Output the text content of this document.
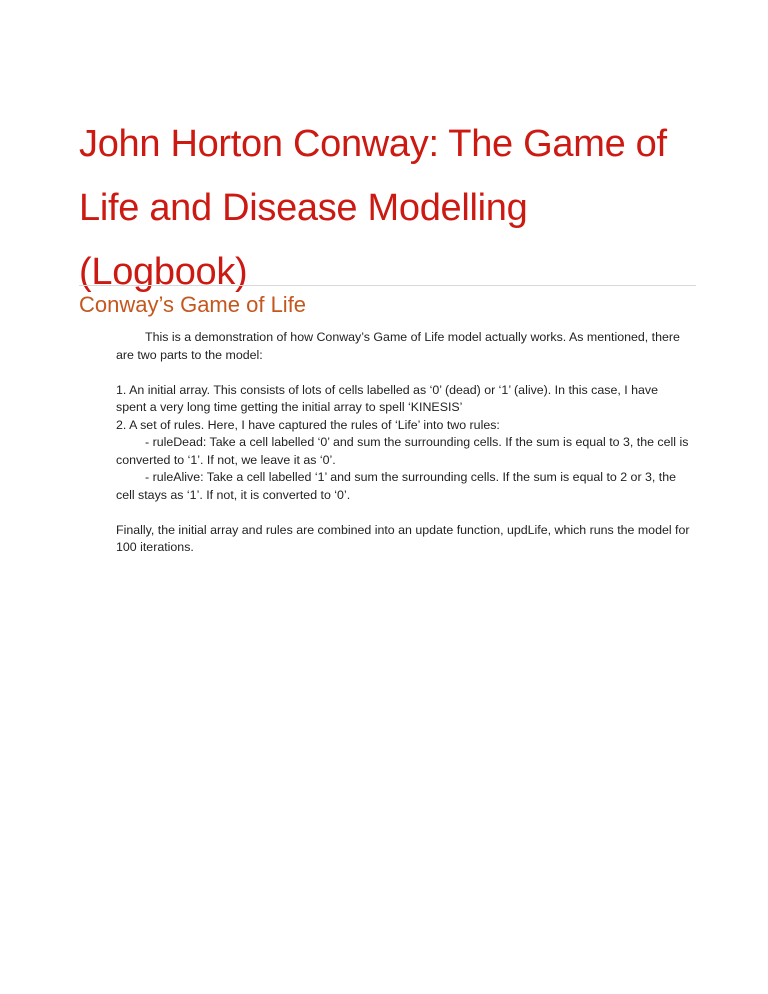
John Horton Conway: The Game of Life and Disease Modelling (Logbook)
Conway’s Game of Life

This is a demonstration of how Conway’s Game of Life model actually works. As mentioned, there are two parts to the model:

1. An initial array. This consists of lots of cells labelled as ‘0’ (dead) or ‘1’ (alive). In this case, I have spent a very long time getting the initial array to spell ‘KINESIS’

2. A set of rules. Here, I have captured the rules of ‘Life’ into two rules:

- ruleDead: Take a cell labelled ‘0’ and sum the surrounding cells. If the sum is equal to 3, the cell is converted to ‘1’. If not, we leave it as ‘0’.

- ruleAlive: Take a cell labelled ‘1’ and sum the surrounding cells. If the sum is equal to 2 or 3, the cell stays as ‘1’. If not, it is converted to ‘0’.

Finally, the initial array and rules are combined into an update function, updLife, which runs the model for 100 iterations.
